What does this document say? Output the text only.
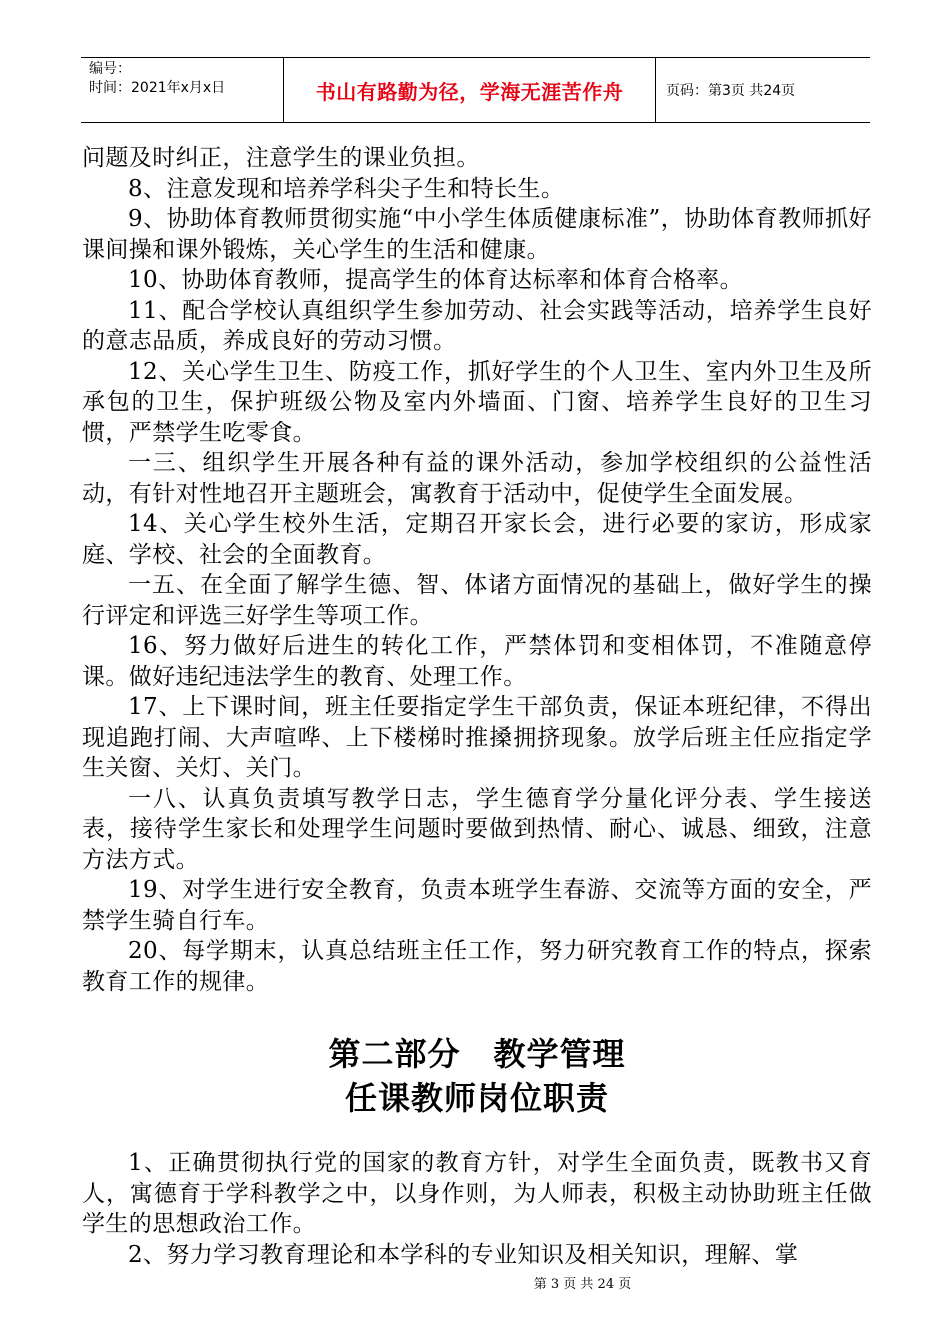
编号：
时间：2021年x月x日	书山有路勤为径，学海无涯苦作舟	页码：第3页 共24页

问题及时纠正，注意学生的课业负担。

8、注意发现和培养学科尖子生和特长生。

9、协助体育教师贯彻实施“中小学生体质健康标准”，协助体育教师抓好课间操和课外锻炼，关心学生的生活和健康。

10、协助体育教师，提高学生的体育达标率和体育合格率。

11、配合学校认真组织学生参加劳动、社会实践等活动，培养学生良好的意志品质，养成良好的劳动习惯。

12、关心学生卫生、防疫工作，抓好学生的个人卫生、室内外卫生及所承包的卫生，保护班级公物及室内外墙面、门窗、培养学生良好的卫生习惯，严禁学生吃零食。

一三、组织学生开展各种有益的课外活动，参加学校组织的公益性活动，有针对性地召开主题班会，寓教育于活动中，促使学生全面发展。

14、关心学生校外生活，定期召开家长会，进行必要的家访，形成家庭、学校、社会的全面教育。

一五、在全面了解学生德、智、体诸方面情况的基础上，做好学生的操行评定和评选三好学生等项工作。

16、努力做好后进生的转化工作，严禁体罚和变相体罚，不准随意停课。做好违纪违法学生的教育、处理工作。

17、上下课时间，班主任要指定学生干部负责，保证本班纪律，不得出现追跑打闹、大声喧哗、上下楼梯时推搡拥挤现象。放学后班主任应指定学生关窗、关灯、关门。

一八、认真负责填写教学日志，学生德育学分量化评分表、学生接送表，接待学生家长和处理学生问题时要做到热情、耐心、诚恳、细致，注意方法方式。

19、对学生进行安全教育，负责本班学生春游、交流等方面的安全，严禁学生骑自行车。

20、每学期末，认真总结班主任工作，努力研究教育工作的特点，探索教育工作的规律。

第二部分　教学管理

任课教师岗位职责

1、正确贯彻执行党的国家的教育方针，对学生全面负责，既教书又育人，寓德育于学科教学之中，以身作则，为人师表，积极主动协助班主任做学生的思想政治工作。

2、努力学习教育理论和本学科的专业知识及相关知识，理解、掌

第 3 页 共 24 页
